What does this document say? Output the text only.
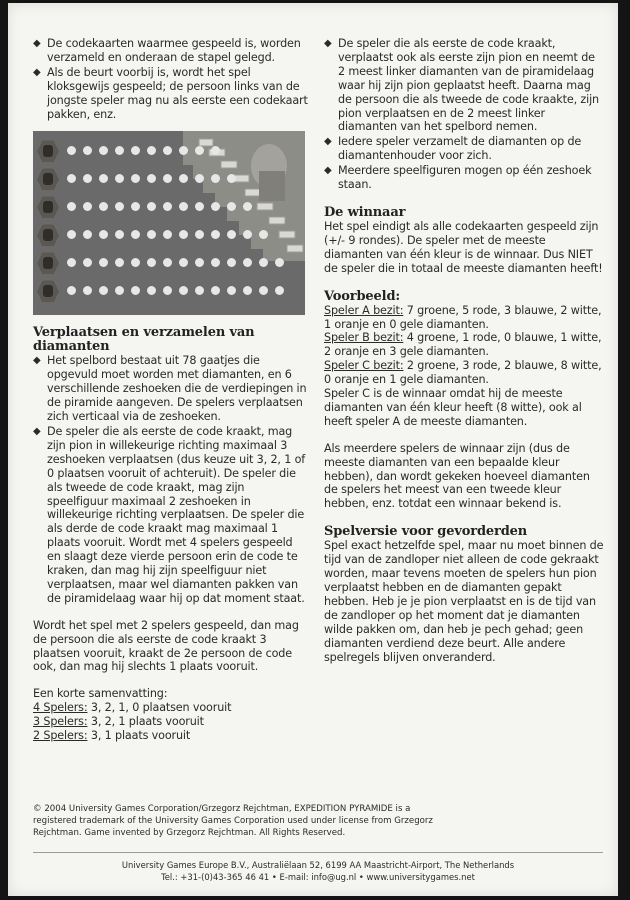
◆ De codekaarten waarmee gespeeld is, worden verzameld en onderaan de stapel gelegd.
◆ Als de beurt voorbij is, wordt het spel kloksgewijs gespeeld; de persoon links van de jongste speler mag nu als eerste een codekaart pakken, enz.
Verplaatsen en verzamelen van diamanten
◆ Het spelbord bestaat uit 78 gaatjes die opgevuld moet worden met diamanten, en 6 verschillende zeshoeken die de verdiepingen in de piramide aangeven. De spelers verplaatsen zich verticaal via de zeshoeken.
◆ De speler die als eerste de code kraakt, mag zijn pion in willekeurige richting maximaal 3 zeshoeken verplaatsen (dus keuze uit 3, 2, 1 of 0 plaatsen vooruit of achteruit). De speler die als tweede de code kraakt, mag zijn speelfiguur maximaal 2 zeshoeken in willekeurige richting verplaatsen. De speler die als derde de code kraakt mag maximaal 1 plaats vooruit. Wordt met 4 spelers gespeeld en slaagt deze vierde persoon erin de code te kraken, dan mag hij zijn speelfiguur niet verplaatsen, maar wel diamanten pakken van de piramidelaag waar hij op dat moment staat.

Wordt het spel met 2 spelers gespeeld, dan mag de persoon die als eerste de code kraakt 3 plaatsen vooruit, kraakt de 2e persoon de code ook, dan mag hij slechts 1 plaats vooruit.

Een korte samenvatting:

4 Spelers: 3, 2, 1, 0 plaatsen vooruit

3 Spelers: 3, 2, 1 plaats vooruit

2 Spelers: 3, 1 plaats vooruit

◆ De speler die als eerste de code kraakt, verplaatst ook als eerste zijn pion en neemt de 2 meest linker diamanten van de piramidelaag waar hij zijn pion geplaatst heeft. Daarna mag de persoon die als tweede de code kraakte, zijn pion verplaatsen en de 2 meest linker diamanten van het spelbord nemen.
◆ Iedere speler verzamelt de diamanten op de diamantenhouder voor zich.
◆ Meerdere speelfiguren mogen op één zeshoek staan.
De winnaar

Het spel eindigt als alle codekaarten gespeeld zijn (+/- 9 rondes). De speler met de meeste diamanten van één kleur is de winnaar. Dus NIET de speler die in totaal de meeste diamanten heeft!

Voorbeeld:

Speler A bezit: 7 groene, 5 rode, 3 blauwe, 2 witte, 1 oranje en 0 gele diamanten.

Speler B bezit: 4 groene, 1 rode, 0 blauwe, 1 witte, 2 oranje en 3 gele diamanten.

Speler C bezit: 2 groene, 3 rode, 2 blauwe, 8 witte, 0 oranje en 1 gele diamanten.

Speler C is de winnaar omdat hij de meeste diamanten van één kleur heeft (8 witte), ook al heeft speler A de meeste diamanten.

Als meerdere spelers de winnaar zijn (dus de meeste diamanten van een bepaalde kleur hebben), dan wordt gekeken hoeveel diamanten de spelers het meest van een tweede kleur hebben, enz. totdat een winnaar bekend is.

Spelversie voor gevorderden

Spel exact hetzelfde spel, maar nu moet binnen de tijd van de zandloper niet alleen de code gekraakt worden, maar tevens moeten de spelers hun pion verplaatst hebben en de diamanten gepakt hebben. Heb je je pion verplaatst en is de tijd van de zandloper op het moment dat je diamanten wilde pakken om, dan heb je pech gehad; geen diamanten verdiend deze beurt. Alle andere spelregels blijven onveranderd.

© 2004 University Games Corporation/Grzegorz Rejchtman, EXPEDITION PYRAMIDE is a registered trademark of the University Games Corporation used under license from Grzegorz Rejchtman. Game invented by Grzegorz Rejchtman. All Rights Reserved.

University Games Europe B.V., Australiëlaan 52, 6199 AA Maastricht-Airport, The Netherlands
Tel.: +31-(0)43-365 46 41 • E-mail: info@ug.nl • www.universitygames.net
